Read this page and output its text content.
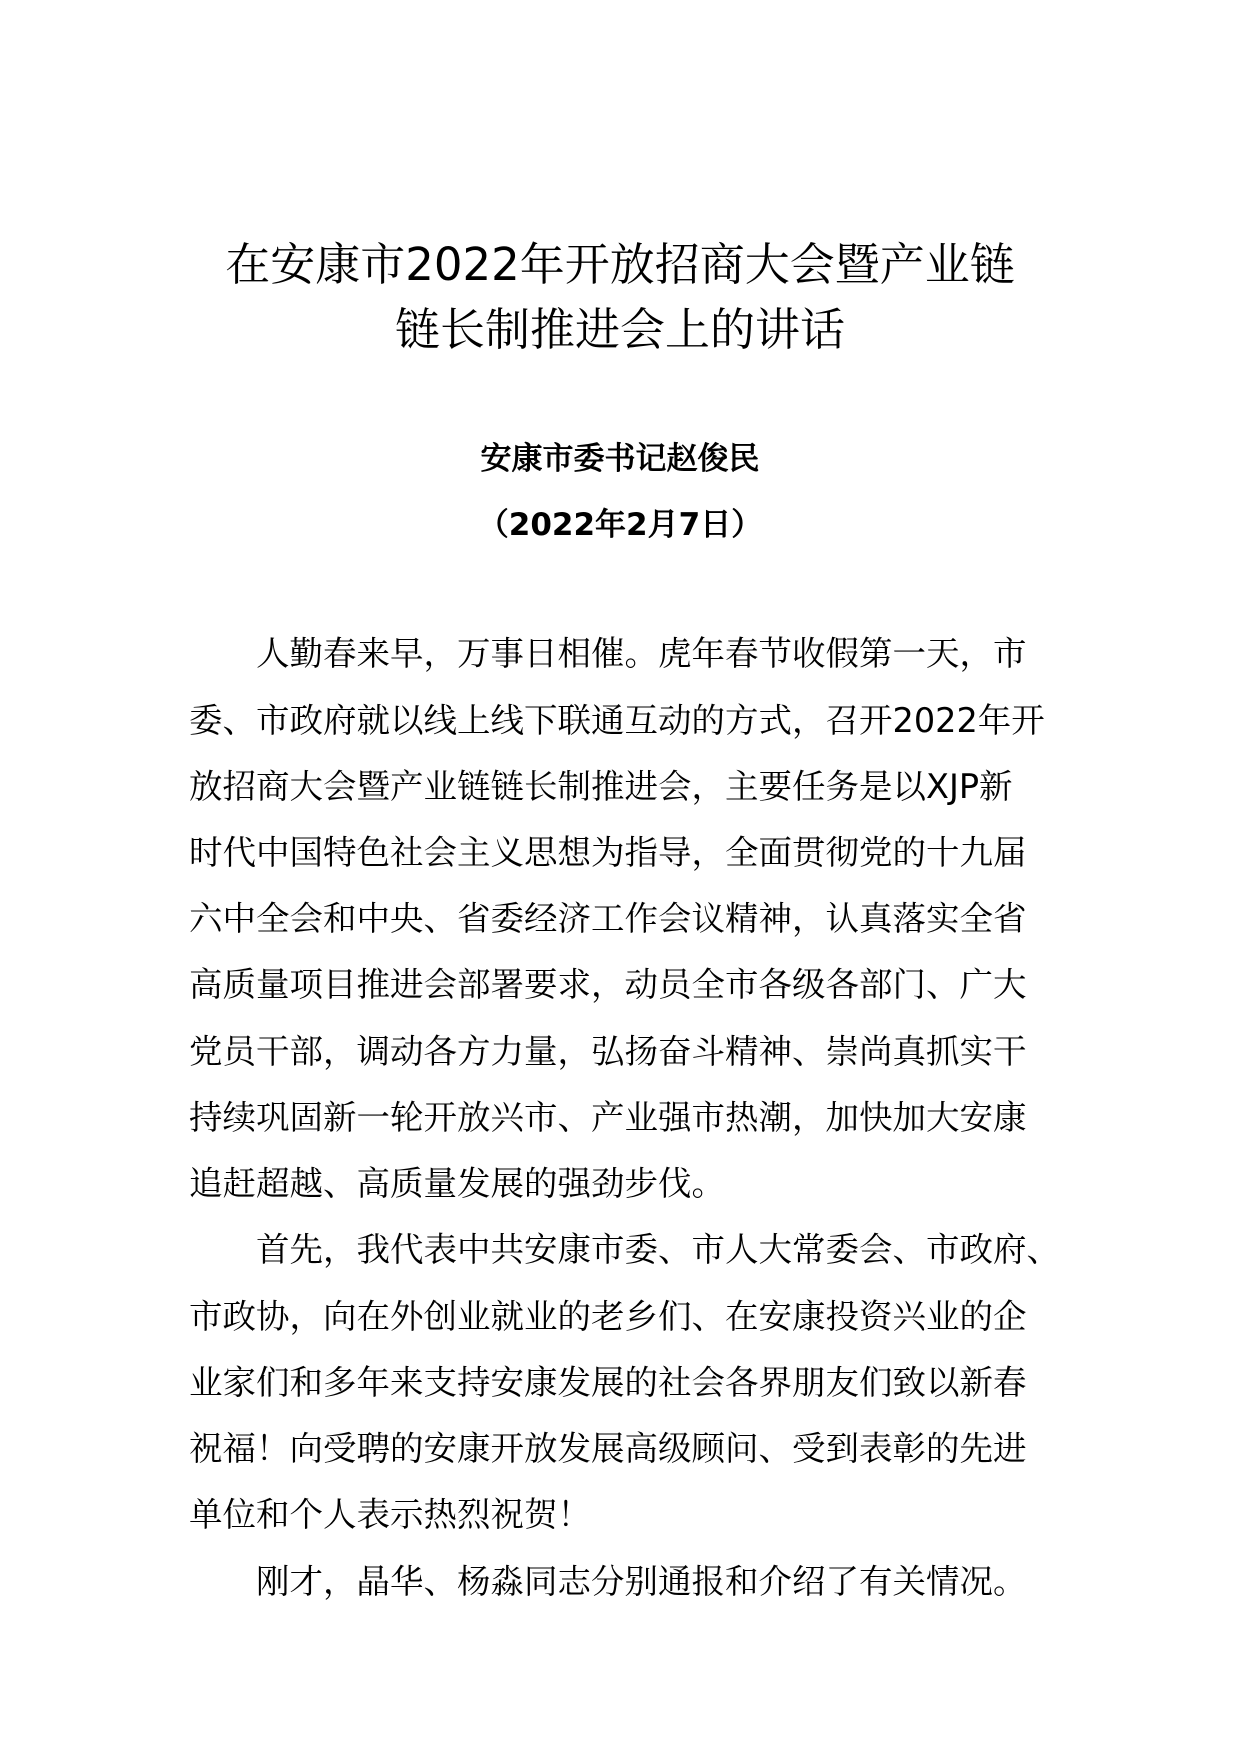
在安康市2022年开放招商大会暨产业链
链长制推进会上的讲话

安康市委书记赵俊民

（2022年2月7日）

人勤春来早，万事日相催。虎年春节收假第一天，市
委、市政府就以线上线下联通互动的方式，召开2022年开
放招商大会暨产业链链长制推进会，主要任务是以XJP新
时代中国特色社会主义思想为指导，全面贯彻党的十九届
六中全会和中央、省委经济工作会议精神，认真落实全省
高质量项目推进会部署要求，动员全市各级各部门、广大
党员干部，调动各方力量，弘扬奋斗精神、崇尚真抓实干
持续巩固新一轮开放兴市、产业强市热潮，加快加大安康
追赶超越、高质量发展的强劲步伐。
首先，我代表中共安康市委、市人大常委会、市政府、
市政协，向在外创业就业的老乡们、在安康投资兴业的企
业家们和多年来支持安康发展的社会各界朋友们致以新春
祝福！向受聘的安康开放发展高级顾问、受到表彰的先进
单位和个人表示热烈祝贺！
刚才，晶华、杨淼同志分别通报和介绍了有关情况。
